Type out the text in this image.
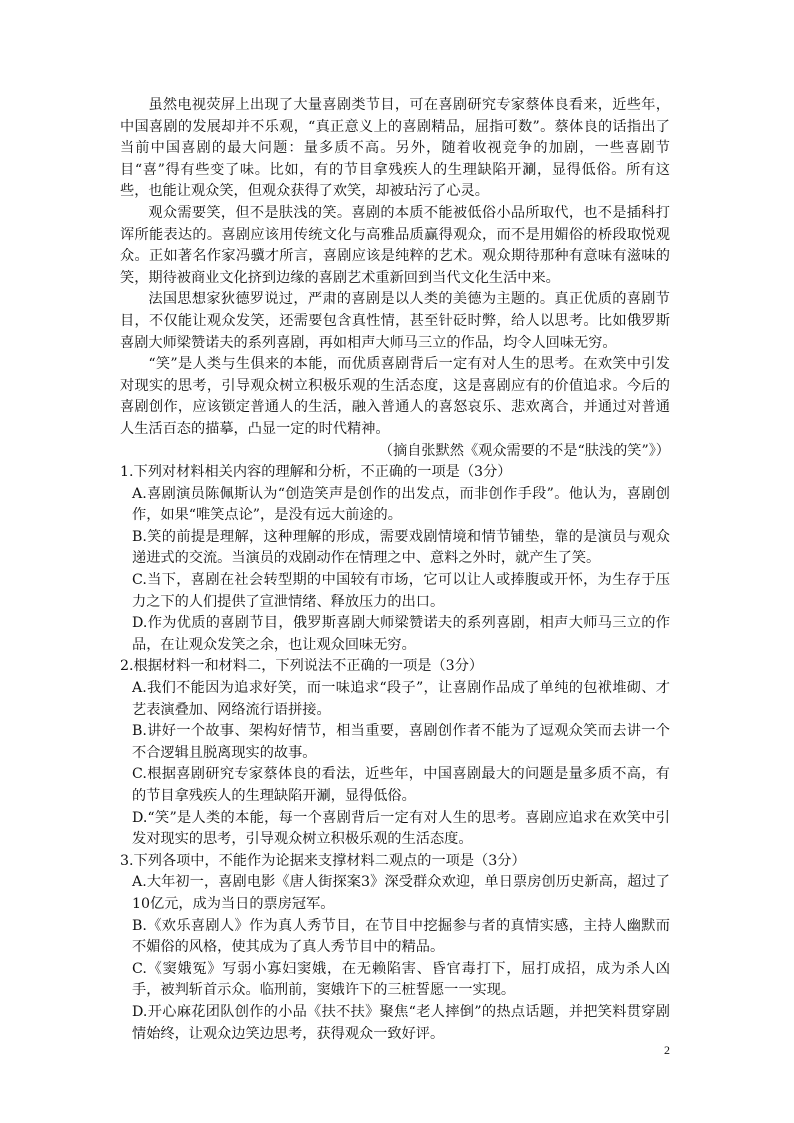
虽然电视荧屏上出现了大量喜剧类节目，可在喜剧研究专家蔡体良看来，近些年，中国喜剧的发展却并不乐观，“真正意义上的喜剧精品，屈指可数”。蔡体良的话指出了当前中国喜剧的最大问题：量多质不高。另外，随着收视竞争的加剧，一些喜剧节目“喜”得有些变了味。比如，有的节目拿残疾人的生理缺陷开涮，显得低俗。所有这些，也能让观众笑，但观众获得了欢笑，却被玷污了心灵。

观众需要笑，但不是肤浅的笑。喜剧的本质不能被低俗小品所取代，也不是插科打诨所能表达的。喜剧应该用传统文化与高雅品质赢得观众，而不是用媚俗的桥段取悦观众。正如著名作家冯骥才所言，喜剧应该是纯粹的艺术。观众期待那种有意味有滋味的笑，期待被商业文化挤到边缘的喜剧艺术重新回到当代文化生活中来。

法国思想家狄德罗说过，严肃的喜剧是以人类的美德为主题的。真正优质的喜剧节目，不仅能让观众发笑，还需要包含真性情，甚至针砭时弊，给人以思考。比如俄罗斯喜剧大师梁赞诺夫的系列喜剧，再如相声大师马三立的作品，均令人回味无穷。

“笑”是人类与生俱来的本能，而优质喜剧背后一定有对人生的思考。在欢笑中引发对现实的思考，引导观众树立积极乐观的生活态度，这是喜剧应有的价值追求。今后的喜剧创作，应该锁定普通人的生活，融入普通人的喜怒哀乐、悲欢离合，并通过对普通人生活百态的描摹，凸显一定的时代精神。

（摘自张默然《观众需要的不是“肤浅的笑”》）

1.下列对材料相关内容的理解和分析，不正确的一项是（3分）

A.喜剧演员陈佩斯认为“创造笑声是创作的出发点，而非创作手段”。他认为，喜剧创作，如果“唯笑点论”，是没有远大前途的。

B.笑的前提是理解，这种理解的形成，需要戏剧情境和情节铺垫，靠的是演员与观众递进式的交流。当演员的戏剧动作在情理之中、意料之外时，就产生了笑。

C.当下，喜剧在社会转型期的中国较有市场，它可以让人或捧腹或开怀，为生存于压力之下的人们提供了宣泄情绪、释放压力的出口。

D.作为优质的喜剧节目，俄罗斯喜剧大师梁赞诺夫的系列喜剧，相声大师马三立的作品，在让观众发笑之余，也让观众回味无穷。

2.根据材料一和材料二，下列说法不正确的一项是（3分）

A.我们不能因为追求好笑，而一味追求“段子”，让喜剧作品成了单纯的包袱堆砌、才艺表演叠加、网络流行语拼接。

B.讲好一个故事、架构好情节，相当重要，喜剧创作者不能为了逗观众笑而去讲一个不合逻辑且脱离现实的故事。

C.根据喜剧研究专家蔡体良的看法，近些年，中国喜剧最大的问题是量多质不高，有的节目拿残疾人的生理缺陷开涮，显得低俗。

D.“笑”是人类的本能，每一个喜剧背后一定有对人生的思考。喜剧应追求在欢笑中引发对现实的思考，引导观众树立积极乐观的生活态度。

3.下列各项中，不能作为论据来支撑材料二观点的一项是（3分）

A.大年初一，喜剧电影《唐人街探案3》深受群众欢迎，单日票房创历史新高，超过了10亿元，成为当日的票房冠军。

B.《欢乐喜剧人》作为真人秀节目，在节目中挖掘参与者的真情实感，主持人幽默而不媚俗的风格，使其成为了真人秀节目中的精品。

C.《窦娥冤》写弱小寡妇窦娥，在无赖陷害、昏官毒打下，屈打成招，成为杀人凶手，被判斩首示众。临刑前，窦娥许下的三桩誓愿一一实现。

D.开心麻花团队创作的小品《扶不扶》聚焦“老人摔倒”的热点话题，并把笑料贯穿剧情始终，让观众边笑边思考，获得观众一致好评。

2
